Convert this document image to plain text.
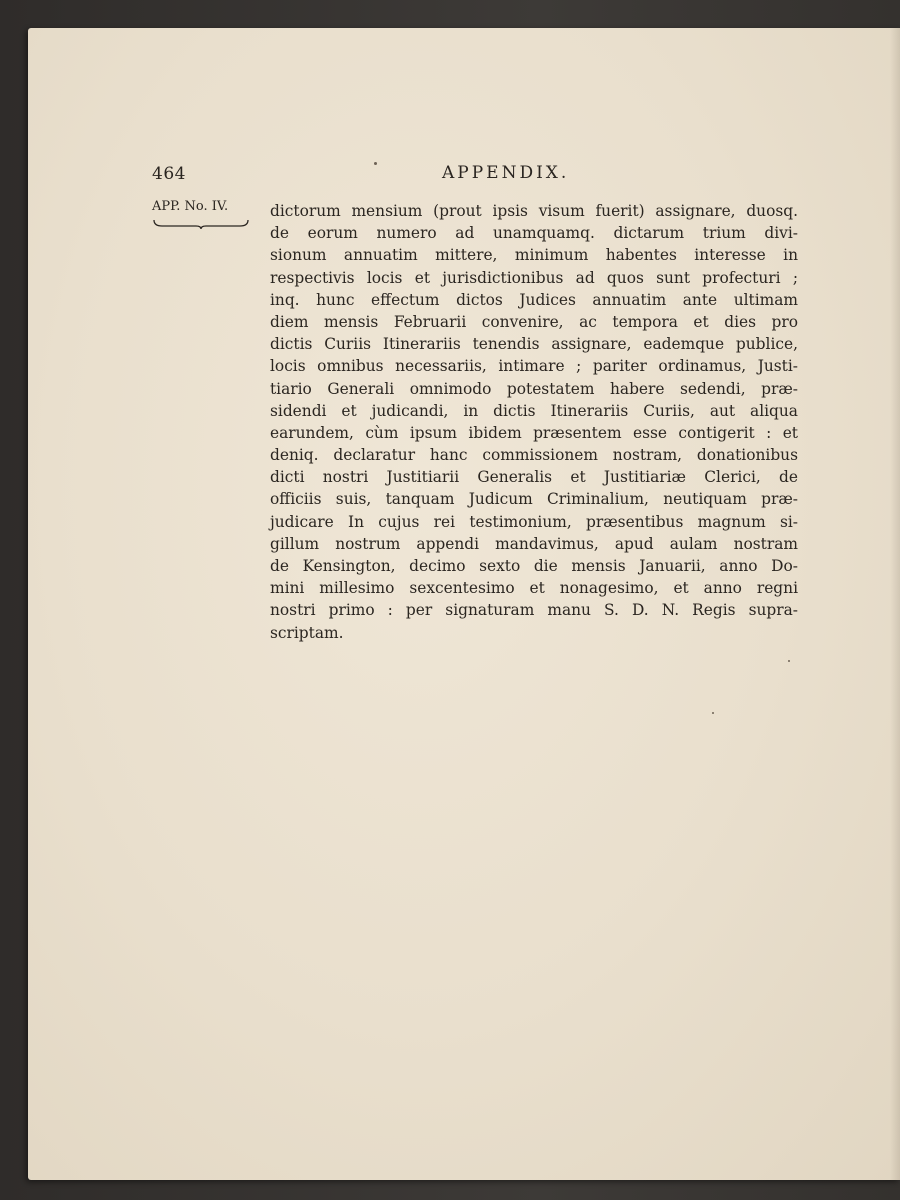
464	APPENDIX.
APP. No. IV.	dictorum mensium (prout ipsis visum fuerit) assignare, duosq.
de eorum numero ad unamquamq. dictarum trium divi-
sionum annuatim mittere, minimum habentes interesse in
respectivis locis et jurisdictionibus ad quos sunt profecturi ;
inq. hunc effectum dictos Judices annuatim ante ultimam
diem mensis Februarii convenire, ac tempora et dies pro
dictis Curiis Itinerariis tenendis assignare, eademque publice,
locis omnibus necessariis, intimare ; pariter ordinamus, Justi-
tiario Generali omnimodo potestatem habere sedendi, præ-
sidendi et judicandi, in dictis Itinerariis Curiis, aut aliqua
earundem, cùm ipsum ibidem præsentem esse contigerit : et
deniq. declaratur hanc commissionem nostram, donationibus
dicti nostri Justitiarii Generalis et Justitiariæ Clerici, de
officiis suis, tanquam Judicum Criminalium, neutiquam præ-
judicare In cujus rei testimonium, præsentibus magnum si-
gillum nostrum appendi mandavimus, apud aulam nostram
de Kensington, decimo sexto die mensis Januarii, anno Do-
mini millesimo sexcentesimo et nonagesimo, et anno regni
nostri primo : per signaturam manu S. D. N. Regis supra-
scriptam.
